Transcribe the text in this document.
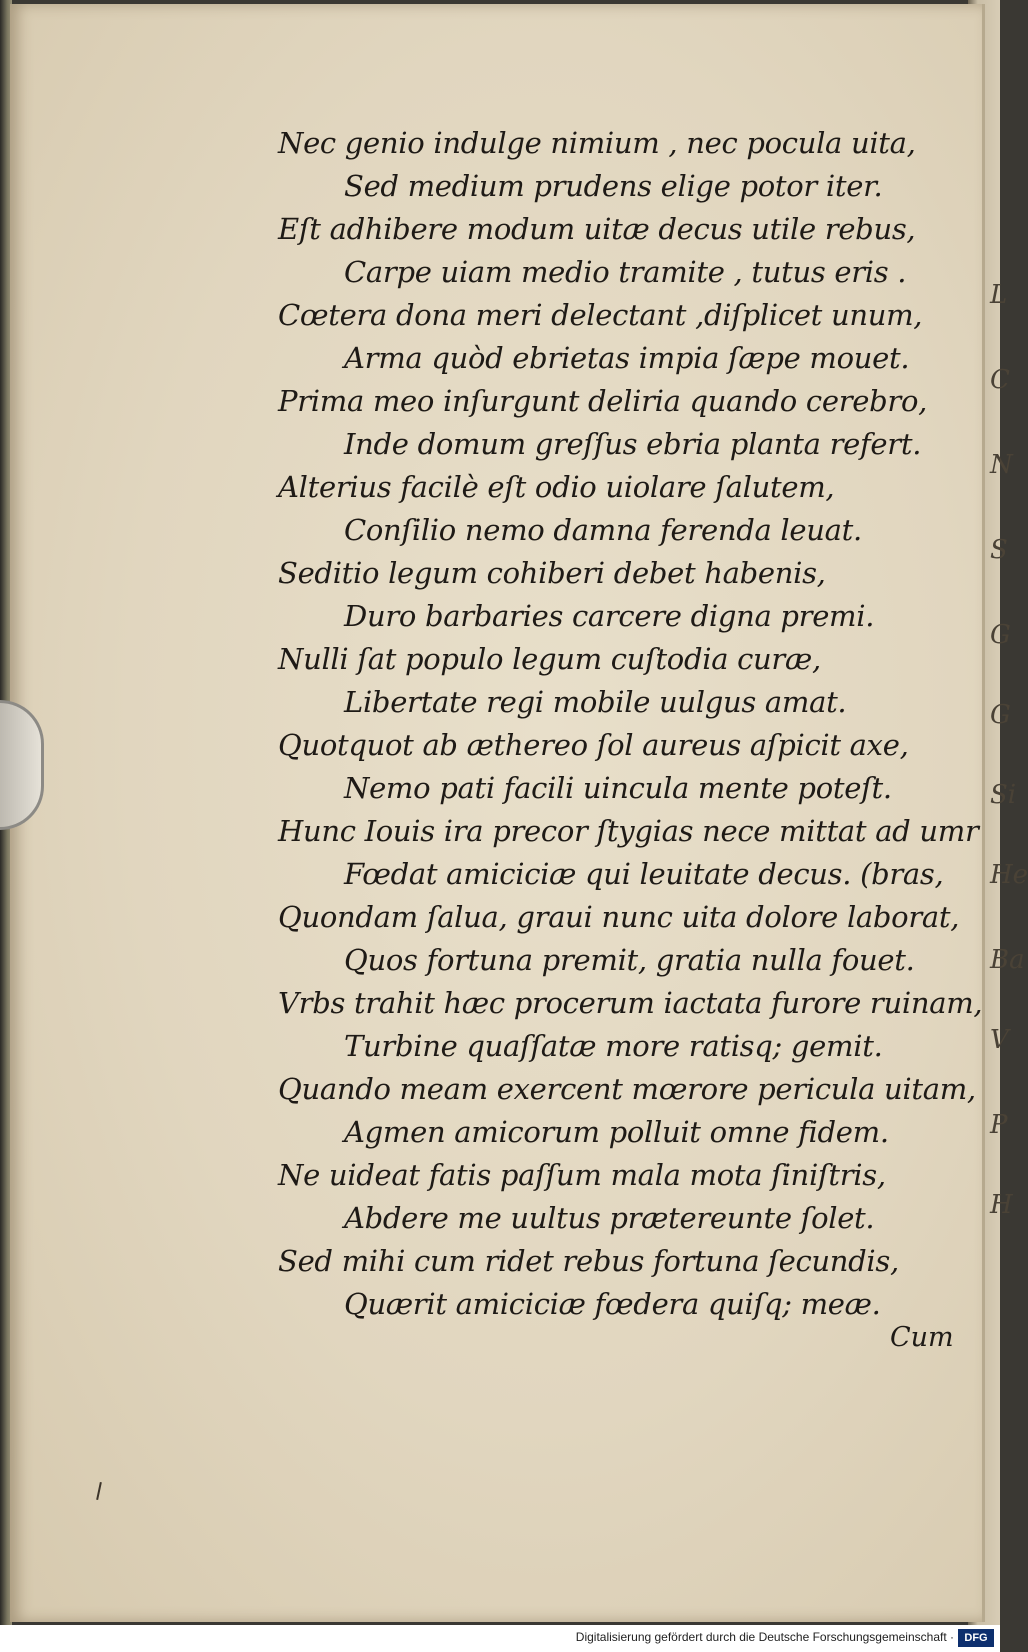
L
C
N
S
G
G
Si
He
Ba
V
P
H
Nec genio indulge nimium , nec pocula uita,
Sed medium prudens elige potor iter.
Eſt adhibere modum uitæ decus utile rebus,
Carpe uiam medio tramite , tutus eris .
Cœtera dona meri delectant ,diſplicet unum,
Arma quòd ebrietas impia ſæpe mouet.
Prima meo inſurgunt deliria quando cerebro,
Inde domum greſſus ebria planta refert.
Alterius facilè eſt odio uiolare ſalutem,
Conſilio nemo damna ferenda leuat.
Seditio legum cohiberi debet habenis,
Duro barbaries carcere digna premi.
Nulli ſat populo legum cuſtodia curæ,
Libertate regi mobile uulgus amat.
Quotquot ab æthereo ſol aureus aſpicit axe,
Nemo pati facili uincula mente poteſt.
Hunc Iouis ira precor ſtygias nece mittat ad umr
Fœdat amiciciæ qui leuitate decus. (bras,
Quondam ſalua, graui nunc uita dolore laborat,
Quos fortuna premit, gratia nulla fouet.
Vrbs trahit hæc procerum iactata furore ruinam,
Turbine quaſſatæ more ratisq; gemit.
Quando meam exercent mœrore pericula uitam,
Agmen amicorum polluit omne fidem.
Ne uideat fatis paſſum mala mota ſiniſtris,
Abdere me uultus prætereunte ſolet.
Sed mihi cum ridet rebus fortuna ſecundis,
Quærit amiciciæ fœdera quiſq; meæ.
Cum
Digitalisierung gefördert durch die Deutsche Forschungsgemeinschaft · DFG
